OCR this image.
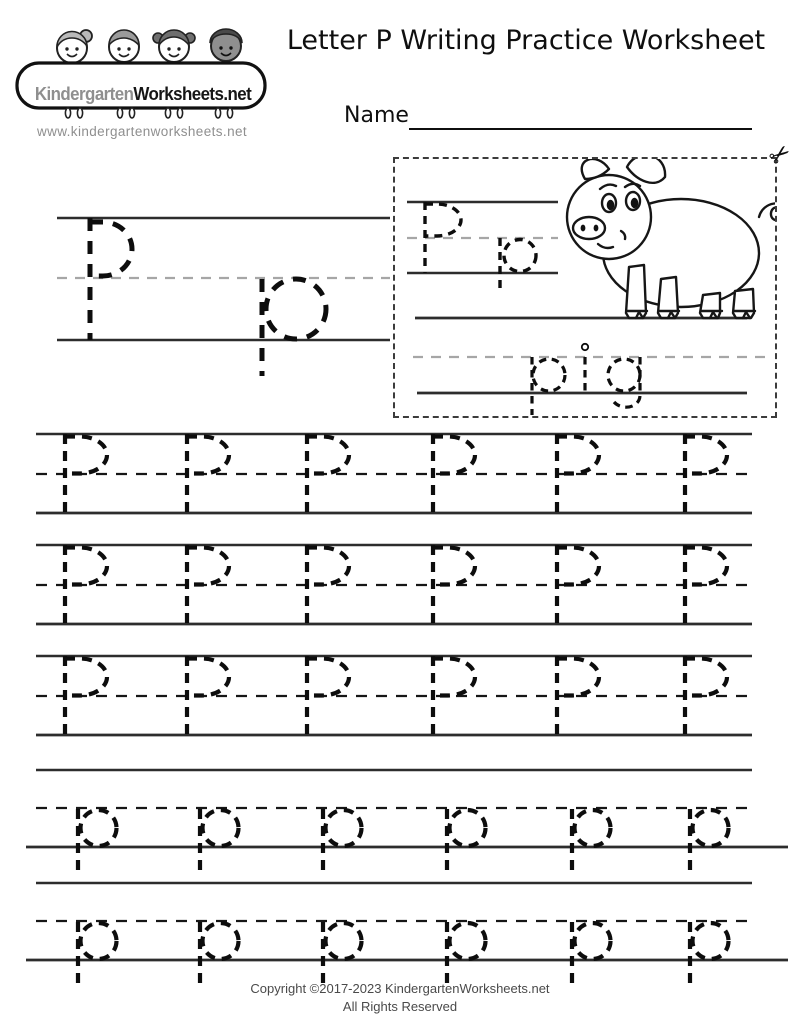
KindergartenWorksheets.net
www.kindergartenworksheets.net
Letter P Writing Practice Worksheet
Name
✂
Copyright ©2017-2023 KindergartenWorksheets.net
All Rights Reserved
